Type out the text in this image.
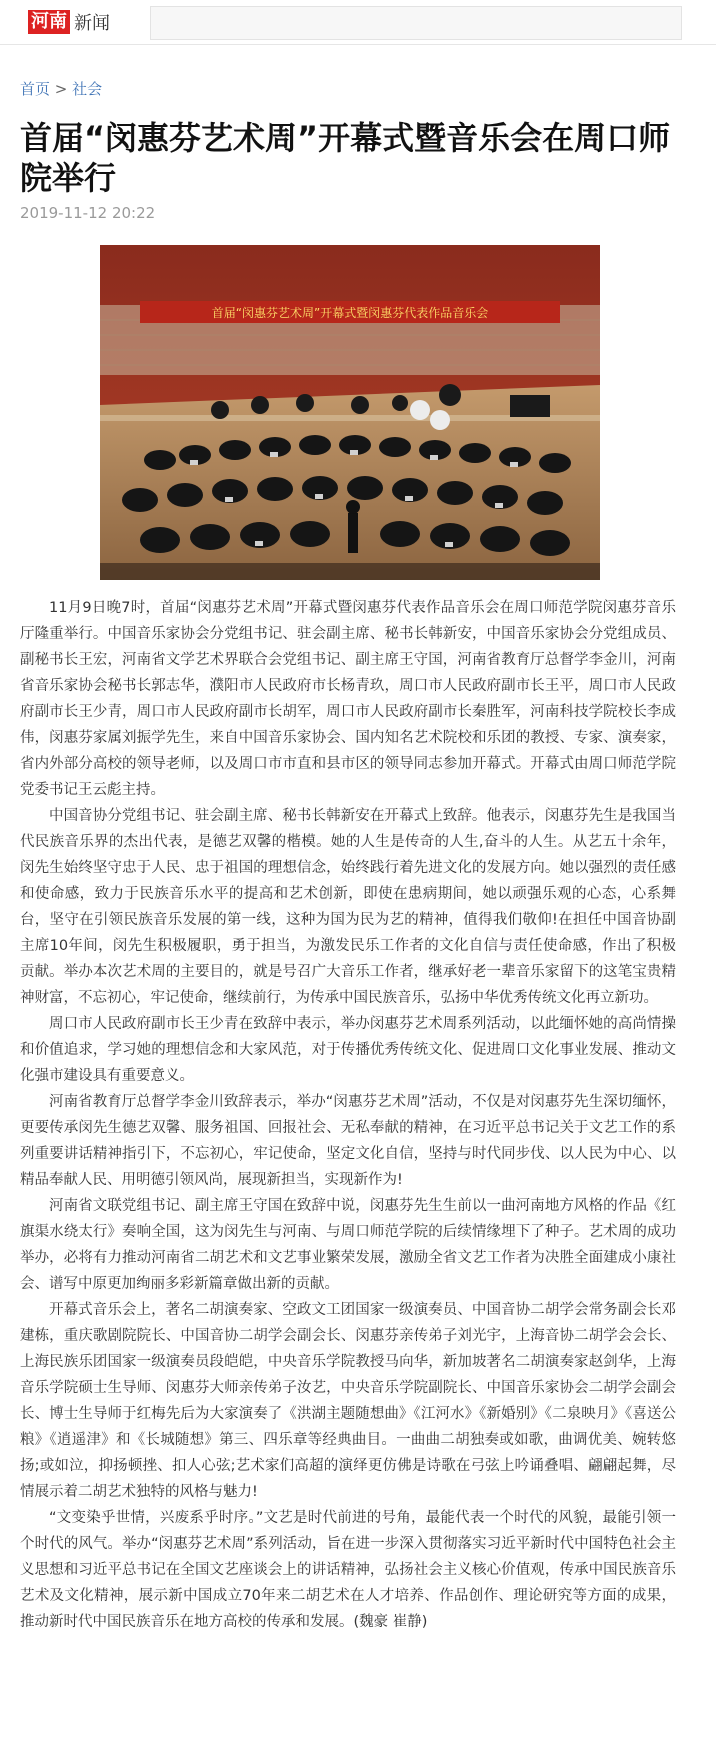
河南 新闻
首页 > 社会
首届“闵惠芬艺术周”开幕式暨音乐会在周口师院举行
2019-11-12 20:22
首届“闵惠芬艺术周”开幕式暨闵惠芬代表作品音乐会

11月9日晚7时，首届“闵惠芬艺术周”开幕式暨闵惠芬代表作品音乐会在周口师范学院闵惠芬音乐厅隆重举行。中国音乐家协会分党组书记、驻会副主席、秘书长韩新安，中国音乐家协会分党组成员、副秘书长王宏，河南省文学艺术界联合会党组书记、副主席王守国，河南省教育厅总督学李金川，河南省音乐家协会秘书长郭志华，濮阳市人民政府市长杨青玖，周口市人民政府副市长王平，周口市人民政府副市长王少青，周口市人民政府副市长胡军，周口市人民政府副市长秦胜军，河南科技学院校长李成伟，闵惠芬家属刘振学先生，来自中国音乐家协会、国内知名艺术院校和乐团的教授、专家、演奏家，省内外部分高校的领导老师，以及周口市市直和县市区的领导同志参加开幕式。开幕式由周口师范学院党委书记王云彪主持。

中国音协分党组书记、驻会副主席、秘书长韩新安在开幕式上致辞。他表示，闵惠芬先生是我国当代民族音乐界的杰出代表，是德艺双馨的楷模。她的人生是传奇的人生,奋斗的人生。从艺五十余年，闵先生始终坚守忠于人民、忠于祖国的理想信念，始终践行着先进文化的发展方向。她以强烈的责任感和使命感，致力于民族音乐水平的提高和艺术创新，即使在患病期间，她以顽强乐观的心态，心系舞台，坚守在引领民族音乐发展的第一线，这种为国为民为艺的精神，值得我们敬仰!在担任中国音协副主席10年间，闵先生积极履职，勇于担当，为激发民乐工作者的文化自信与责任使命感，作出了积极贡献。举办本次艺术周的主要目的，就是号召广大音乐工作者，继承好老一辈音乐家留下的这笔宝贵精神财富，不忘初心，牢记使命，继续前行，为传承中国民族音乐，弘扬中华优秀传统文化再立新功。

周口市人民政府副市长王少青在致辞中表示，举办闵惠芬艺术周系列活动，以此缅怀她的高尚情操和价值追求，学习她的理想信念和大家风范，对于传播优秀传统文化、促进周口文化事业发展、推动文化强市建设具有重要意义。

河南省教育厅总督学李金川致辞表示，举办“闵惠芬艺术周”活动，不仅是对闵惠芬先生深切缅怀，更要传承闵先生德艺双馨、服务祖国、回报社会、无私奉献的精神，在习近平总书记关于文艺工作的系列重要讲话精神指引下，不忘初心，牢记使命，坚定文化自信，坚持与时代同步伐、以人民为中心、以精品奉献人民、用明德引领风尚，展现新担当，实现新作为!

河南省文联党组书记、副主席王守国在致辞中说，闵惠芬先生生前以一曲河南地方风格的作品《红旗渠水绕太行》奏响全国，这为闵先生与河南、与周口师范学院的后续情缘埋下了种子。艺术周的成功举办，必将有力推动河南省二胡艺术和文艺事业繁荣发展，激励全省文艺工作者为决胜全面建成小康社会、谱写中原更加绚丽多彩新篇章做出新的贡献。

开幕式音乐会上，著名二胡演奏家、空政文工团国家一级演奏员、中国音协二胡学会常务副会长邓建栋，重庆歌剧院院长、中国音协二胡学会副会长、闵惠芬亲传弟子刘光宇，上海音协二胡学会会长、上海民族乐团国家一级演奏员段皑皑，中央音乐学院教授马向华，新加坡著名二胡演奏家赵剑华，上海音乐学院硕士生导师、闵惠芬大师亲传弟子汝艺，中央音乐学院副院长、中国音乐家协会二胡学会副会长、博士生导师于红梅先后为大家演奏了《洪湖主题随想曲》《江河水》《新婚别》《二泉映月》《喜送公粮》《逍遥津》和《长城随想》第三、四乐章等经典曲目。一曲曲二胡独奏或如歌，曲调优美、婉转悠扬;或如泣，抑扬顿挫、扣人心弦;艺术家们高超的演绎更仿佛是诗歌在弓弦上吟诵叠唱、翩翩起舞，尽情展示着二胡艺术独特的风格与魅力!

“文变染乎世情，兴废系乎时序。”文艺是时代前进的号角，最能代表一个时代的风貌，最能引领一个时代的风气。举办“闵惠芬艺术周”系列活动，旨在进一步深入贯彻落实习近平新时代中国特色社会主义思想和习近平总书记在全国文艺座谈会上的讲话精神，弘扬社会主义核心价值观，传承中国民族音乐艺术及文化精神，展示新中国成立70年来二胡艺术在人才培养、作品创作、理论研究等方面的成果，推动新时代中国民族音乐在地方高校的传承和发展。(魏豪 崔静)
